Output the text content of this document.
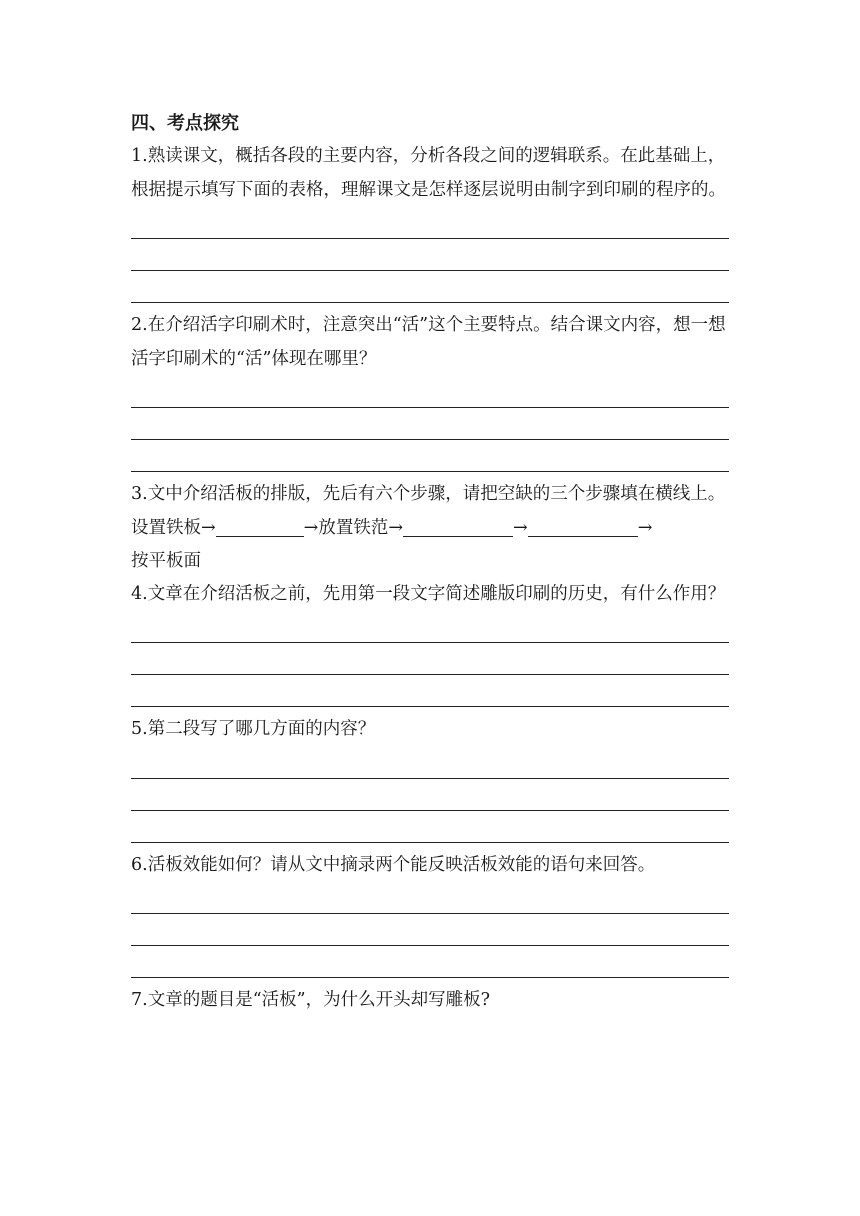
四、考点探究

1.熟读课文，概括各段的主要内容，分析各段之间的逻辑联系。在此基础上，根据提示填写下面的表格，理解课文是怎样逐层说明由制字到印刷的程序的。

2.在介绍活字印刷术时，注意突出“活”这个主要特点。结合课文内容，想一想活字印刷术的“活”体现在哪里？

3.文中介绍活板的排版，先后有六个步骤，请把空缺的三个步骤填在横线上。

设置铁板→	→放置铁范→	→	→

按平板面

4.文章在介绍活板之前，先用第一段文字简述雕版印刷的历史，有什么作用？

5.第二段写了哪几方面的内容？

6.活板效能如何？请从文中摘录两个能反映活板效能的语句来回答。

7.文章的题目是“活板”，为什么开头却写雕板?
